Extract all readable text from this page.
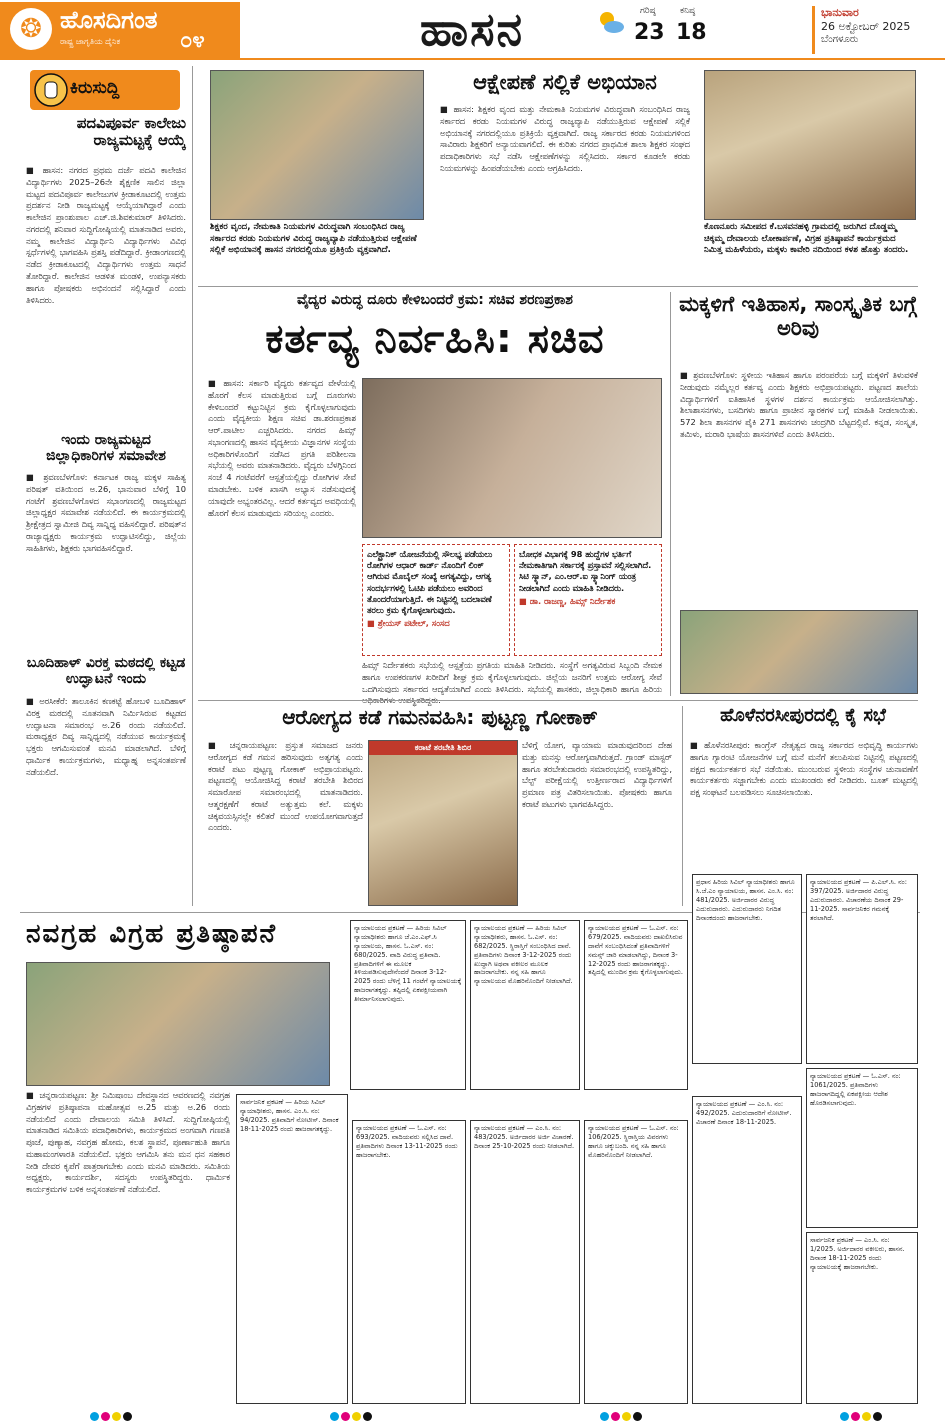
❂ ಹೊಸದಿಗಂತ
ರಾಷ್ಟ್ರ ಜಾಗೃತಿಯ ದೈನಿಕ	೦೪	ಹಾಸನ	ಗರಿಷ್ಠ
23
ಕನಿಷ್ಠ
18
ಭಾನುವಾರ
26 ಅಕ್ಟೋಬರ್ 2025
ಬೆಂಗಳೂರು
ಕಿರುಸುದ್ದಿ
ಪದವಿಪೂರ್ವ ಕಾಲೇಜು ರಾಜ್ಯಮಟ್ಟಕ್ಕೆ ಆಯ್ಕೆ
■ ಹಾಸನ: ನಗರದ ಪ್ರಥಮ ದರ್ಜೆ ಪದವಿ ಕಾಲೇಜಿನ ವಿದ್ಯಾರ್ಥಿಗಳು 2025–26ನೇ ಶೈಕ್ಷಣಿಕ ಸಾಲಿನ ಜಿಲ್ಲಾ ಮಟ್ಟದ ಪದವಿಪೂರ್ವ ಕಾಲೇಜುಗಳ ಕ್ರೀಡಾಕೂಟದಲ್ಲಿ ಉತ್ತಮ ಪ್ರದರ್ಶನ ನೀಡಿ ರಾಜ್ಯಮಟ್ಟಕ್ಕೆ ಆಯ್ಕೆಯಾಗಿದ್ದಾರೆ ಎಂದು ಕಾಲೇಜಿನ ಪ್ರಾಂಶುಪಾಲ ಎಚ್.ಜಿ.ಶಿವಕುಮಾರ್ ತಿಳಿಸಿದರು. ನಗರದಲ್ಲಿ ಶನಿವಾರ ಸುದ್ದಿಗೋಷ್ಠಿಯಲ್ಲಿ ಮಾತನಾಡಿದ ಅವರು, ನಮ್ಮ ಕಾಲೇಜಿನ ವಿದ್ಯಾರ್ಥಿನಿ ವಿದ್ಯಾರ್ಥಿಗಳು ವಿವಿಧ ಸ್ಪರ್ಧೆಗಳಲ್ಲಿ ಭಾಗವಹಿಸಿ ಪ್ರಶಸ್ತಿ ಪಡೆದಿದ್ದಾರೆ. ಕ್ರೀಡಾಂಗಣದಲ್ಲಿ ನಡೆದ ಕ್ರೀಡಾಕೂಟದಲ್ಲಿ ವಿದ್ಯಾರ್ಥಿಗಳು ಉತ್ತಮ ಸಾಧನೆ ತೋರಿದ್ದಾರೆ. ಕಾಲೇಜಿನ ಆಡಳಿತ ಮಂಡಳಿ, ಉಪನ್ಯಾಸಕರು ಹಾಗೂ ಪೋಷಕರು ಅಭಿನಂದನೆ ಸಲ್ಲಿಸಿದ್ದಾರೆ ಎಂದು ತಿಳಿಸಿದರು.
ಇಂದು ರಾಜ್ಯಮಟ್ಟದ ಜಿಲ್ಲಾಧಿಕಾರಿಗಳ ಸಮಾವೇಶ
■ ಶ್ರವಣಬೆಳಗೊಳ: ಕರ್ನಾಟಕ ರಾಜ್ಯ ಮಕ್ಕಳ ಸಾಹಿತ್ಯ ಪರಿಷತ್ ವತಿಯಿಂದ ಅ.26, ಭಾನುವಾರ ಬೆಳಿಗ್ಗೆ 10 ಗಂಟೆಗೆ ಶ್ರವಣಬೆಳಗೊಳದ ಸಭಾಂಗಣದಲ್ಲಿ ರಾಜ್ಯಮಟ್ಟದ ಜಿಲ್ಲಾಧ್ಯಕ್ಷರ ಸಮಾವೇಶ ನಡೆಯಲಿದೆ. ಈ ಕಾರ್ಯಕ್ರಮದಲ್ಲಿ ಶ್ರೀಕ್ಷೇತ್ರದ ಸ್ವಾಮೀಜಿ ದಿವ್ಯ ಸಾನ್ನಿಧ್ಯ ವಹಿಸಲಿದ್ದಾರೆ. ಪರಿಷತ್‌ನ ರಾಜ್ಯಾಧ್ಯಕ್ಷರು ಕಾರ್ಯಕ್ರಮ ಉದ್ಘಾಟಿಸಲಿದ್ದು, ಜಿಲ್ಲೆಯ ಸಾಹಿತಿಗಳು, ಶಿಕ್ಷಕರು ಭಾಗವಹಿಸಲಿದ್ದಾರೆ.
ಬೂದಿಹಾಳ್ ವಿರಕ್ತ ಮಠದಲ್ಲಿ ಕಟ್ಟಡ ಉದ್ಘಾಟನೆ ಇಂದು
■ ಅರಸೀಕೆರೆ: ತಾಲೂಕಿನ ಕಣಕಟ್ಟೆ ಹೋಬಳಿ ಬೂದಿಹಾಳ್ ವಿರಕ್ತ ಮಠದಲ್ಲಿ ನೂತನವಾಗಿ ನಿರ್ಮಿಸಿರುವ ಕಟ್ಟಡದ ಉದ್ಘಾಟನಾ ಸಮಾರಂಭ ಅ.26 ರಂದು ನಡೆಯಲಿದೆ. ಮಠಾಧ್ಯಕ್ಷರ ದಿವ್ಯ ಸಾನ್ನಿಧ್ಯದಲ್ಲಿ ನಡೆಯುವ ಕಾರ್ಯಕ್ರಮಕ್ಕೆ ಭಕ್ತರು ಆಗಮಿಸುವಂತೆ ಮನವಿ ಮಾಡಲಾಗಿದೆ. ಬೆಳಿಗ್ಗೆ ಧಾರ್ಮಿಕ ಕಾರ್ಯಕ್ರಮಗಳು, ಮಧ್ಯಾಹ್ನ ಅನ್ನಸಂತರ್ಪಣೆ ನಡೆಯಲಿದೆ.
ಶಿಕ್ಷಕರ ವೃಂದ, ನೇಮಕಾತಿ ನಿಯಮಗಳ ವಿರುದ್ಧವಾಗಿ ಸಂಬಂಧಿಸಿದ ರಾಜ್ಯ ಸರ್ಕಾರದ ಕರಡು ನಿಯಮಗಳ ವಿರುದ್ಧ ರಾಜ್ಯವ್ಯಾಪಿ ನಡೆಯುತ್ತಿರುವ ಆಕ್ಷೇಪಣೆ ಸಲ್ಲಿಕೆ ಅಭಿಯಾನಕ್ಕೆ ಹಾಸನ ನಗರದಲ್ಲಿಯೂ ಪ್ರತಿಕ್ರಿಯೆ ವ್ಯಕ್ತವಾಗಿದೆ.
ಆಕ್ಷೇಪಣೆ ಸಲ್ಲಿಕೆ ಅಭಿಯಾನ
■ ಹಾಸನ: ಶಿಕ್ಷಕರ ವೃಂದ ಮತ್ತು ನೇಮಕಾತಿ ನಿಯಮಗಳ ವಿರುದ್ಧವಾಗಿ ಸಂಬಂಧಿಸಿದ ರಾಜ್ಯ ಸರ್ಕಾರದ ಕರಡು ನಿಯಮಗಳ ವಿರುದ್ಧ ರಾಜ್ಯವ್ಯಾಪಿ ನಡೆಯುತ್ತಿರುವ ಆಕ್ಷೇಪಣೆ ಸಲ್ಲಿಕೆ ಅಭಿಯಾನಕ್ಕೆ ನಗರದಲ್ಲಿಯೂ ಪ್ರತಿಕ್ರಿಯೆ ವ್ಯಕ್ತವಾಗಿದೆ. ರಾಜ್ಯ ಸರ್ಕಾರದ ಕರಡು ನಿಯಮಗಳಿಂದ ಸಾವಿರಾರು ಶಿಕ್ಷಕರಿಗೆ ಅನ್ಯಾಯವಾಗಲಿದೆ. ಈ ಕುರಿತು ನಗರದ ಪ್ರಾಥಮಿಕ ಶಾಲಾ ಶಿಕ್ಷಕರ ಸಂಘದ ಪದಾಧಿಕಾರಿಗಳು ಸಭೆ ನಡೆಸಿ ಆಕ್ಷೇಪಣೆಗಳನ್ನು ಸಲ್ಲಿಸಿದರು. ಸರ್ಕಾರ ಕೂಡಲೇ ಕರಡು ನಿಯಮಗಳನ್ನು ಹಿಂಪಡೆಯಬೇಕು ಎಂದು ಆಗ್ರಹಿಸಿದರು.
ಕೊಣನೂರು ಸಮೀಪದ ಕೆ.ಬಸವನಹಳ್ಳಿ ಗ್ರಾಮದಲ್ಲಿ ಜರುಗಿದ ದೊಡ್ಡಮ್ಮ ಚಿಕ್ಕಮ್ಮ ದೇವಾಲಯ ಲೋಕಾರ್ಪಣೆ, ವಿಗ್ರಹ ಪ್ರತಿಷ್ಠಾಪನೆ ಕಾರ್ಯಕ್ರಮದ ನಿಮಿತ್ತ ಮಹಿಳೆಯರು, ಮಕ್ಕಳು ಕಾವೇರಿ ನದಿಯಿಂದ ಕಳಶ ಹೊತ್ತು ತಂದರು.
ವೈದ್ಯರ ವಿರುದ್ಧ ದೂರು ಕೇಳಿಬಂದರೆ ಕ್ರಮ: ಸಚಿವ ಶರಣಪ್ರಕಾಶ
ಕರ್ತವ್ಯ ನಿರ್ವಹಿಸಿ: ಸಚಿವ
■ ಹಾಸನ: ಸರ್ಕಾರಿ ವೈದ್ಯರು ಕರ್ತವ್ಯದ ವೇಳೆಯಲ್ಲಿ ಹೊರಗೆ ಕೆಲಸ ಮಾಡುತ್ತಿರುವ ಬಗ್ಗೆ ದೂರುಗಳು ಕೇಳಿಬಂದರೆ ಕಟ್ಟುನಿಟ್ಟಿನ ಕ್ರಮ ಕೈಗೊಳ್ಳಲಾಗುವುದು ಎಂದು ವೈದ್ಯಕೀಯ ಶಿಕ್ಷಣ ಸಚಿವ ಡಾ.ಶರಣಪ್ರಕಾಶ ಆರ್.ಪಾಟೀಲ ಎಚ್ಚರಿಸಿದರು. ನಗರದ ಹಿಮ್ಸ್ ಸಭಾಂಗಣದಲ್ಲಿ ಹಾಸನ ವೈದ್ಯಕೀಯ ವಿಜ್ಞಾನಗಳ ಸಂಸ್ಥೆಯ ಅಧಿಕಾರಿಗಳೊಂದಿಗೆ ನಡೆಸಿದ ಪ್ರಗತಿ ಪರಿಶೀಲನಾ ಸಭೆಯಲ್ಲಿ ಅವರು ಮಾತನಾಡಿದರು. ವೈದ್ಯರು ಬೆಳಗ್ಗಿನಿಂದ ಸಂಜೆ 4 ಗಂಟೆವರೆಗೆ ಆಸ್ಪತ್ರೆಯಲ್ಲಿದ್ದು ರೋಗಿಗಳ ಸೇವೆ ಮಾಡಬೇಕು. ಬಳಿಕ ಖಾಸಗಿ ಅಭ್ಯಾಸ ನಡೆಸುವುದಕ್ಕೆ ಯಾವುದೇ ಅಭ್ಯಂತರವಿಲ್ಲ. ಆದರೆ ಕರ್ತವ್ಯದ ಅವಧಿಯಲ್ಲಿ ಹೊರಗೆ ಕೆಲಸ ಮಾಡುವುದು ಸರಿಯಲ್ಲ ಎಂದರು.
ಎಲೆಕ್ಟ್ರಾನಿಕ್ ಯೋಜನೆಯಲ್ಲಿ ಸೌಲಭ್ಯ ಪಡೆಯಲು ರೋಗಿಗಳ ಆಧಾರ್ ಕಾರ್ಡ್ ನೊಂದಿಗೆ ಲಿಂಕ್ ಆಗಿರುವ ಮೊಬೈಲ್ ಸಂಖ್ಯೆ ಅಗತ್ಯವಿದ್ದು, ಆಗತ್ಯ ಸಂದರ್ಭಗಳಲ್ಲಿ ಓಟಿಪಿ ಪಡೆಯಲು ಅವರಿಂದ ತೊಂದರೆಯಾಗುತ್ತಿದೆ. ಈ ನಿಟ್ಟಿನಲ್ಲಿ ಬದಲಾವಣೆ ತರಲು ಕ್ರಮ ಕೈಗೊಳ್ಳಲಾಗುವುದು.
■ ಶ್ರೇಯಸ್ ಪಟೇಲ್, ಸಂಸದ
ಬೋಧಕ ವಿಭಾಗಕ್ಕೆ 98 ಹುದ್ದೆಗಳ ಭರ್ತಿಗೆ ನೇಮಕಾತಿಗಾಗಿ ಸರ್ಕಾರಕ್ಕೆ ಪ್ರಸ್ತಾವನೆ ಸಲ್ಲಿಸಲಾಗಿದೆ. ಸಿಟಿ ಸ್ಕ್ಯಾನ್, ಎಂ.ಆರ್.ಐ ಸ್ಕ್ಯಾನಿಂಗ್ ಯಂತ್ರ ನೀಡಲಾಗಿದೆ ಎಂದು ಮಾಹಿತಿ ನೀಡಿದರು.
■ ಡಾ. ರಾಜಣ್ಣ, ಹಿಮ್ಸ್ ನಿರ್ದೇಶಕ
ಹಿಮ್ಸ್ ನಿರ್ದೇಶಕರು ಸಭೆಯಲ್ಲಿ ಆಸ್ಪತ್ರೆಯ ಪ್ರಗತಿಯ ಮಾಹಿತಿ ನೀಡಿದರು. ಸಂಸ್ಥೆಗೆ ಅಗತ್ಯವಿರುವ ಸಿಬ್ಬಂದಿ ನೇಮಕ ಹಾಗೂ ಉಪಕರಣಗಳ ಖರೀದಿಗೆ ಶೀಘ್ರ ಕ್ರಮ ಕೈಗೊಳ್ಳಲಾಗುವುದು. ಜಿಲ್ಲೆಯ ಜನರಿಗೆ ಉತ್ತಮ ಆರೋಗ್ಯ ಸೇವೆ ಒದಗಿಸುವುದು ಸರ್ಕಾರದ ಆದ್ಯತೆಯಾಗಿದೆ ಎಂದು ತಿಳಿಸಿದರು. ಸಭೆಯಲ್ಲಿ ಶಾಸಕರು, ಜಿಲ್ಲಾಧಿಕಾರಿ ಹಾಗೂ ಹಿರಿಯ
ಮಕ್ಕಳಿಗೆ ಇತಿಹಾಸ, ಸಾಂಸ್ಕೃತಿಕ ಬಗ್ಗೆ ಅರಿವು
■ ಶ್ರವಣಬೆಳಗೊಳ: ಸ್ಥಳೀಯ ಇತಿಹಾಸ ಹಾಗೂ ಪರಂಪರೆಯ ಬಗ್ಗೆ ಮಕ್ಕಳಿಗೆ ತಿಳುವಳಿಕೆ ನೀಡುವುದು ನಮ್ಮೆಲ್ಲರ ಕರ್ತವ್ಯ ಎಂದು ಶಿಕ್ಷಕರು ಅಭಿಪ್ರಾಯಪಟ್ಟರು. ಪಟ್ಟಣದ ಶಾಲೆಯ ವಿದ್ಯಾರ್ಥಿಗಳಿಗೆ ಐತಿಹಾಸಿಕ ಸ್ಥಳಗಳ ದರ್ಶನ ಕಾರ್ಯಕ್ರಮ ಆಯೋಜಿಸಲಾಗಿತ್ತು. ಶಿಲಾಶಾಸನಗಳು, ಬಸದಿಗಳು ಹಾಗೂ ಪ್ರಾಚೀನ ಸ್ಮಾರಕಗಳ ಬಗ್ಗೆ ಮಾಹಿತಿ ನೀಡಲಾಯಿತು. 572 ಶಿಲಾ ಶಾಸನಗಳ ಪೈಕಿ 271 ಶಾಸನಗಳು ಚಂದ್ರಗಿರಿ ಬೆಟ್ಟದಲ್ಲಿವೆ. ಕನ್ನಡ, ಸಂಸ್ಕೃತ, ತಮಿಳು, ಮರಾಠಿ ಭಾಷೆಯ ಶಾಸನಗಳಿವೆ ಎಂದು ತಿಳಿಸಿದರು.
ಆರೋಗ್ಯದ ಕಡೆ ಗಮನವಹಿಸಿ: ಪುಟ್ಟಣ್ಣ ಗೋಕಾಕ್
■ ಚನ್ನರಾಯಪಟ್ಟಣ: ಪ್ರಸ್ತುತ ಸಮಾಜದ ಜನರು ಆರೋಗ್ಯದ ಕಡೆ ಗಮನ ಹರಿಸುವುದು ಅತ್ಯಗತ್ಯ ಎಂದು ಕರಾಟೆ ಪಟು ಪುಟ್ಟಣ್ಣ ಗೋಕಾಕ್ ಅಭಿಪ್ರಾಯಪಟ್ಟರು. ಪಟ್ಟಣದಲ್ಲಿ ಆಯೋಜಿಸಿದ್ದ ಕರಾಟೆ ತರಬೇತಿ ಶಿಬಿರದ ಸಮಾರೋಪ ಸಮಾರಂಭದಲ್ಲಿ ಮಾತನಾಡಿದರು. ಆತ್ಮರಕ್ಷಣೆಗೆ ಕರಾಟೆ ಅತ್ಯುತ್ತಮ ಕಲೆ. ಮಕ್ಕಳು ಚಿಕ್ಕವಯಸ್ಸಿನಲ್ಲೇ ಕಲಿತರೆ ಮುಂದೆ ಉಪಯೋಗವಾಗುತ್ತದೆ ಎಂದರು.
ಕರಾಟೆ ತರಬೇತಿ ಶಿಬಿರ	ಬೆಳಿಗ್ಗೆ ಯೋಗ, ವ್ಯಾಯಾಮ ಮಾಡುವುದರಿಂದ ದೇಹ ಮತ್ತು ಮನಸ್ಸು ಆರೋಗ್ಯವಾಗಿರುತ್ತದೆ. ಗ್ರಾಂಡ್ ಮಾಸ್ಟರ್ ಹಾಗೂ ತರಬೇತುದಾರರು ಸಮಾರಂಭದಲ್ಲಿ ಉಪಸ್ಥಿತರಿದ್ದು, ಬೆಲ್ಟ್ ಪರೀಕ್ಷೆಯಲ್ಲಿ ಉತ್ತೀರ್ಣರಾದ ವಿದ್ಯಾರ್ಥಿಗಳಿಗೆ ಪ್ರಮಾಣ ಪತ್ರ ವಿತರಿಸಲಾಯಿತು. ಪೋಷಕರು ಹಾಗೂ ಕರಾಟೆ ಪಟುಗಳು ಭಾಗವಹಿಸಿದ್ದರು.
ಹೊಳೆನರಸೀಪುರದಲ್ಲಿ ಕೈ ಸಭೆ
■ ಹೊಳೆನರಸೀಪುರ: ಕಾಂಗ್ರೆಸ್ ನೇತೃತ್ವದ ರಾಜ್ಯ ಸರ್ಕಾರದ ಅಭಿವೃದ್ಧಿ ಕಾರ್ಯಗಳು ಹಾಗೂ ಗ್ಯಾರಂಟಿ ಯೋಜನೆಗಳ ಬಗ್ಗೆ ಮನೆ ಮನೆಗೆ ತಲುಪಿಸುವ ನಿಟ್ಟಿನಲ್ಲಿ ಪಟ್ಟಣದಲ್ಲಿ ಪಕ್ಷದ ಕಾರ್ಯಕರ್ತರ ಸಭೆ ನಡೆಯಿತು. ಮುಂಬರುವ ಸ್ಥಳೀಯ ಸಂಸ್ಥೆಗಳ ಚುನಾವಣೆಗೆ ಕಾರ್ಯಕರ್ತರು ಸಜ್ಜಾಗಬೇಕು ಎಂದು ಮುಖಂಡರು ಕರೆ ನೀಡಿದರು. ಬೂತ್ ಮಟ್ಟದಲ್ಲಿ ಪಕ್ಷ ಸಂಘಟನೆ ಬಲಪಡಿಸಲು ಸೂಚಿಸಲಾಯಿತು.
ನವಗ್ರಹ ವಿಗ್ರಹ ಪ್ರತಿಷ್ಠಾಪನೆ
■ ಚನ್ನರಾಯಪಟ್ಟಣ: ಶ್ರೀ ನಿಮಿಷಾಂಬ ದೇವಸ್ಥಾನದ ಆವರಣದಲ್ಲಿ ನವಗ್ರಹ ವಿಗ್ರಹಗಳ ಪ್ರತಿಷ್ಠಾಪನಾ ಮಹೋತ್ಸವ ಅ.25 ಮತ್ತು ಅ.26 ರಂದು ನಡೆಯಲಿದೆ ಎಂದು ದೇವಾಲಯ ಸಮಿತಿ ತಿಳಿಸಿದೆ. ಸುದ್ದಿಗೋಷ್ಠಿಯಲ್ಲಿ ಮಾತನಾಡಿದ ಸಮಿತಿಯ ಪದಾಧಿಕಾರಿಗಳು, ಕಾರ್ಯಕ್ರಮದ ಅಂಗವಾಗಿ ಗಣಪತಿ ಪೂಜೆ, ಪುಣ್ಯಾಹ, ನವಗ್ರಹ ಹೋಮ, ಕಲಶ ಸ್ಥಾಪನೆ, ಪೂರ್ಣಾಹುತಿ ಹಾಗೂ ಮಹಾಮಂಗಳಾರತಿ ನಡೆಯಲಿದೆ. ಭಕ್ತರು ಆಗಮಿಸಿ ತನು ಮನ ಧನ ಸಹಕಾರ ನೀಡಿ ದೇವರ ಕೃಪೆಗೆ ಪಾತ್ರರಾಗಬೇಕು ಎಂದು ಮನವಿ ಮಾಡಿದರು. ಸಮಿತಿಯ ಅಧ್ಯಕ್ಷರು, ಕಾರ್ಯದರ್ಶಿ, ಸದಸ್ಯರು ಉಪಸ್ಥಿತರಿದ್ದರು. ಧಾರ್ಮಿಕ ಕಾರ್ಯಕ್ರಮಗಳ ಬಳಿಕ ಅನ್ನಸಂತರ್ಪಣೆ ನಡೆಯಲಿದೆ.
ನ್ಯಾಯಾಲಯದ ಪ್ರಕಟಣೆ — ಹಿರಿಯ ಸಿವಿಲ್ ನ್ಯಾಯಾಧೀಶರು ಹಾಗೂ ಜೆ.ಎಂ.ಎಫ್.ಸಿ ನ್ಯಾಯಾಲಯ, ಹಾಸನ. ಓ.ಎಸ್. ನಂ: 680/2025. ವಾದಿ ವಿರುದ್ಧ ಪ್ರತಿವಾದಿ. ಪ್ರತಿವಾದಿಗಳಿಗೆ ಈ ಮೂಲಕ ತಿಳಿಯಪಡಿಸುವುದೇನೆಂದರೆ ದಿನಾಂಕ 3-12-2025 ರಂದು ಬೆಳಿಗ್ಗೆ 11 ಗಂಟೆಗೆ ನ್ಯಾಯಾಲಯಕ್ಕೆ ಹಾಜರಾಗತಕ್ಕದ್ದು. ತಪ್ಪಿದಲ್ಲಿ ಏಕಪಕ್ಷೀಯವಾಗಿ ತೀರ್ಮಾನಿಸಲಾಗುವುದು.
ನ್ಯಾಯಾಲಯದ ಪ್ರಕಟಣೆ — ಹಿರಿಯ ಸಿವಿಲ್ ನ್ಯಾಯಾಧೀಶರು, ಹಾಸನ. ಓ.ಎಸ್. ನಂ: 682/2025. ಸ್ಥಿರಾಸ್ತಿಗೆ ಸಂಬಂಧಿಸಿದ ದಾವೆ. ಪ್ರತಿವಾದಿಗಳು ದಿನಾಂಕ 3-12-2025 ರಂದು ಖುದ್ದಾಗಿ ಅಥವಾ ವಕೀಲರ ಮೂಲಕ ಹಾಜರಾಗಬೇಕು. ನನ್ನ ಸಹಿ ಹಾಗೂ ನ್ಯಾಯಾಲಯದ ಮೊಹರಿನೊಂದಿಗೆ ನೀಡಲಾಗಿದೆ.
ನ್ಯಾಯಾಲಯದ ಪ್ರಕಟಣೆ — ಓ.ಎಸ್. ನಂ: 679/2025. ವಾದಿಯವರು ದಾಖಲಿಸಿರುವ ದಾವೆಗೆ ಸಂಬಂಧಿಸಿದಂತೆ ಪ್ರತಿವಾದಿಗಳಿಗೆ ಸಮನ್ಸ್ ಜಾರಿ ಮಾಡಲಾಗಿದ್ದು, ದಿನಾಂಕ 3-12-2025 ರಂದು ಹಾಜರಾಗತಕ್ಕದ್ದು. ತಪ್ಪಿದಲ್ಲಿ ಮುಂದಿನ ಕ್ರಮ ಕೈಗೊಳ್ಳಲಾಗುವುದು.
ಪ್ರಧಾನ ಹಿರಿಯ ಸಿವಿಲ್ ನ್ಯಾಯಾಧೀಶರು ಹಾಗೂ ಸಿ.ಜೆ.ಎಂ ನ್ಯಾಯಾಲಯ, ಹಾಸನ. ಎಂ.ಸಿ. ನಂ: 481/2025. ಅರ್ಜಿದಾರರ ವಿರುದ್ಧ ಎದುರುದಾರರು. ಎದುರುದಾರರು ನಿಗದಿತ ದಿನಾಂಕದಂದು ಹಾಜರಾಗಬೇಕು.
ನ್ಯಾಯಾಲಯದ ಪ್ರಕಟಣೆ — ಪಿ.ಎಲ್.ಸಿ. ನಂ: 397/2025. ಅರ್ಜಿದಾರರ ವಿರುದ್ಧ ಎದುರುದಾರರು. ವಿಚಾರಣೆಯ ದಿನಾಂಕ 29-11-2025. ಸಾರ್ವಜನಿಕರ ಗಮನಕ್ಕೆ ತರಲಾಗಿದೆ.
ಸಾರ್ವಜನಿಕ ಪ್ರಕಟಣೆ — ಹಿರಿಯ ಸಿವಿಲ್ ನ್ಯಾಯಾಧೀಶರು, ಹಾಸನ. ಎಂ.ಸಿ. ನಂ: 94/2025. ಪ್ರತಿವಾದಿಗೆ ನೋಟೀಸ್. ದಿನಾಂಕ 18-11-2025 ರಂದು ಹಾಜರಾಗತಕ್ಕದ್ದು.	ನ್ಯಾಯಾಲಯದ ಪ್ರಕಟಣೆ — ಓ.ಎಸ್. ನಂ: 693/2025. ವಾದಿಯವರು ಸಲ್ಲಿಸಿದ ದಾವೆ. ಪ್ರತಿವಾದಿಗಳು ದಿನಾಂಕ 13-11-2025 ರಂದು ಹಾಜರಾಗಬೇಕು.
ನ್ಯಾಯಾಲಯದ ಪ್ರಕಟಣೆ — ಎಂ.ಸಿ. ನಂ: 483/2025. ಅರ್ಜಿದಾರರ ಅರ್ಜಿ ವಿಚಾರಣೆ. ದಿನಾಂಕ 25-10-2025 ರಂದು ನೀಡಲಾಗಿದೆ.
ನ್ಯಾಯಾಲಯದ ಪ್ರಕಟಣೆ — ಓ.ಎಸ್. ನಂ: 106/2025. ಸ್ಥಿರಾಸ್ತಿಯ ವಿವರಗಳು ಹಾಗೂ ಚಕ್ಕುಬಂದಿ. ನನ್ನ ಸಹಿ ಹಾಗೂ ಮೊಹರಿನೊಂದಿಗೆ ನೀಡಲಾಗಿದೆ.
ನ್ಯಾಯಾಲಯದ ಪ್ರಕಟಣೆ — ಎಂ.ಸಿ. ನಂ: 492/2025. ಎದುರುದಾರರಿಗೆ ನೋಟೀಸ್. ವಿಚಾರಣೆ ದಿನಾಂಕ 18-11-2025.
ನ್ಯಾಯಾಲಯದ ಪ್ರಕಟಣೆ — ಓ.ಎಸ್. ನಂ: 1061/2025. ಪ್ರತಿವಾದಿಗಳು ಹಾಜರಾಗದಿದ್ದಲ್ಲಿ ಏಕಪಕ್ಷೀಯ ಆದೇಶ ಹೊರಡಿಸಲಾಗುವುದು.
ಸಾರ್ವಜನಿಕ ಪ್ರಕಟಣೆ — ಎಂ.ಸಿ. ನಂ: 1/2025. ಅರ್ಜಿದಾರರ ವಕೀಲರು, ಹಾಸನ. ದಿನಾಂಕ 18-11-2025 ರಂದು ನ್ಯಾಯಾಲಯಕ್ಕೆ ಹಾಜರಾಗಬೇಕು.
